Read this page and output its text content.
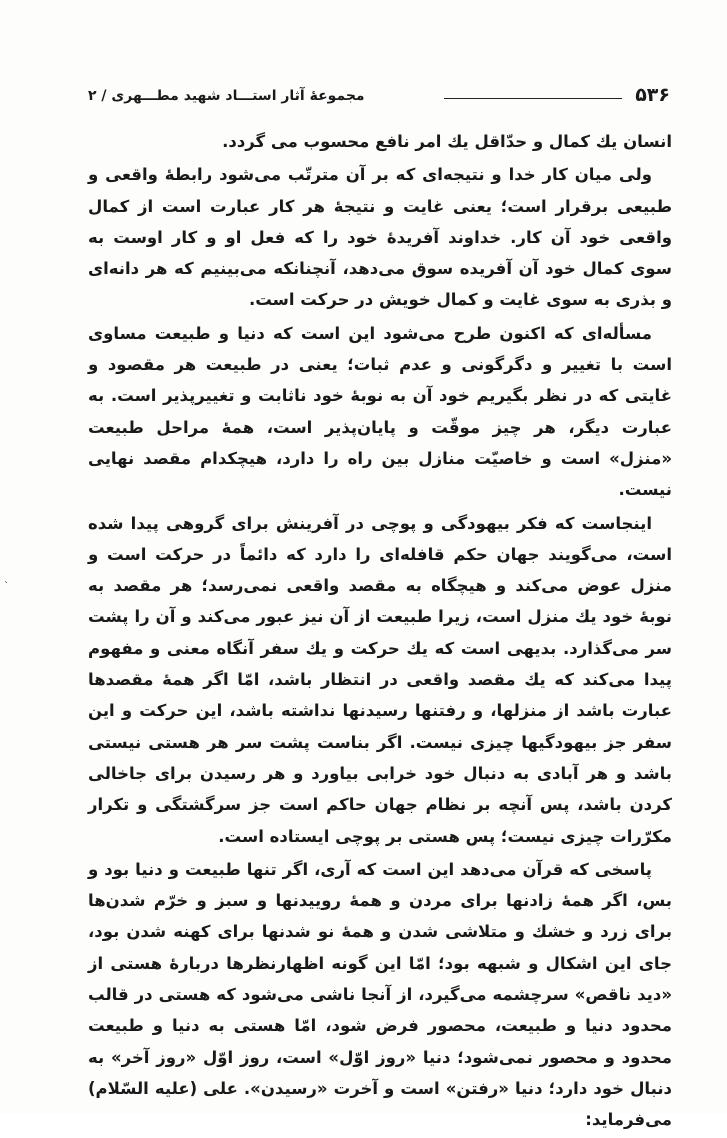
۵۳۶
مجموعهٔ آثار استـــاد شهید مطـــهری / ۲

انسان یك كمال و حدّاقل یك امر نافع محسوب می گردد.

ولی میان كار خدا و نتیجه‌ای كه بر آن مترتّب می‌شود رابطهٔ واقعی و طبیعی برقرار است؛ یعنی غایت و نتیجهٔ هر كار عبارت است از كمال واقعی خود آن كار. خداوند آفریدهٔ خود را كه فعل او و كار اوست به سوی كمال خود آن آفریده سوق می‌دهد، آنچنانكه می‌بینیم كه هر دانه‌ای و بذری به سوی غایت و كمال خویش در حركت است.

مسأله‌ای كه اكنون طرح می‌شود این است كه دنیا و طبیعت مساوی است با تغییر و دگرگونی و عدم ثبات؛ یعنی در طبیعت هر مقصود و غایتی كه در نظر بگیریم خود آن به نوبهٔ خود ناثابت و تغییرپذیر است. به عبارت دیگر، هر چیز موقّت و پایان‌پذیر است، همهٔ مراحل طبیعت «منزل» است و خاصیّت منازل بین راه را دارد، هیچكدام مقصد نهایی نیست.

اینجاست كه فكر بیهودگی و پوچی در آفرینش برای گروهی پیدا شده است، می‌گویند جهان حكم قافله‌ای را دارد كه دائماً در حركت است و منزل عوض می‌كند و هیچگاه به مقصد واقعی نمی‌رسد؛ هر مقصد به نوبهٔ خود یك منزل است، زیرا طبیعت از آن نیز عبور می‌كند و آن را پشت سر می‌گذارد. بدیهی است كه یك حركت و یك سفر آنگاه معنی و مفهوم پیدا می‌كند كه یك مقصد واقعی در انتظار باشد، امّا اگر همهٔ مقصدها عبارت باشد از منزلها، و رفتنها رسیدنها نداشته باشد، این حركت و این سفر جز بیهودگیها چیزی نیست. اگر بناست پشت سر هر هستی نیستی باشد و هر آبادی به دنبال خود خرابی بیاورد و هر رسیدن برای جاخالی كردن باشد، پس آنچه بر نظام جهان حاكم است جز سرگشتگی و تكرار مكرّرات چیزی نیست؛ پس هستی بر پوچی ایستاده است.

پاسخی كه قرآن می‌دهد این است كه آری، اگر تنها طبیعت و دنیا بود و بس، اگر همهٔ زادنها برای مردن و همهٔ روییدنها و سبز و خرّم شدن‌ها برای زرد و خشك و متلاشی شدن و همهٔ نو شدنها برای كهنه شدن بود، جای این اشكال و شبهه بود؛ امّا این گونه اظهارنظرها دربارهٔ هستی از «دید ناقص» سرچشمه می‌گیرد، از آنجا ناشی می‌شود كه هستی در قالب محدود دنیا و طبیعت، محصور فرض شود، امّا هستی به دنیا و طبیعت محدود و محصور نمی‌شود؛ دنیا «روز اوّل» است، روز اوّل «روز آخر» به دنبال خود دارد؛ دنیا «رفتن» است و آخرت «رسیدن». علی (علیه السّلام) می‌فرماید:

`
